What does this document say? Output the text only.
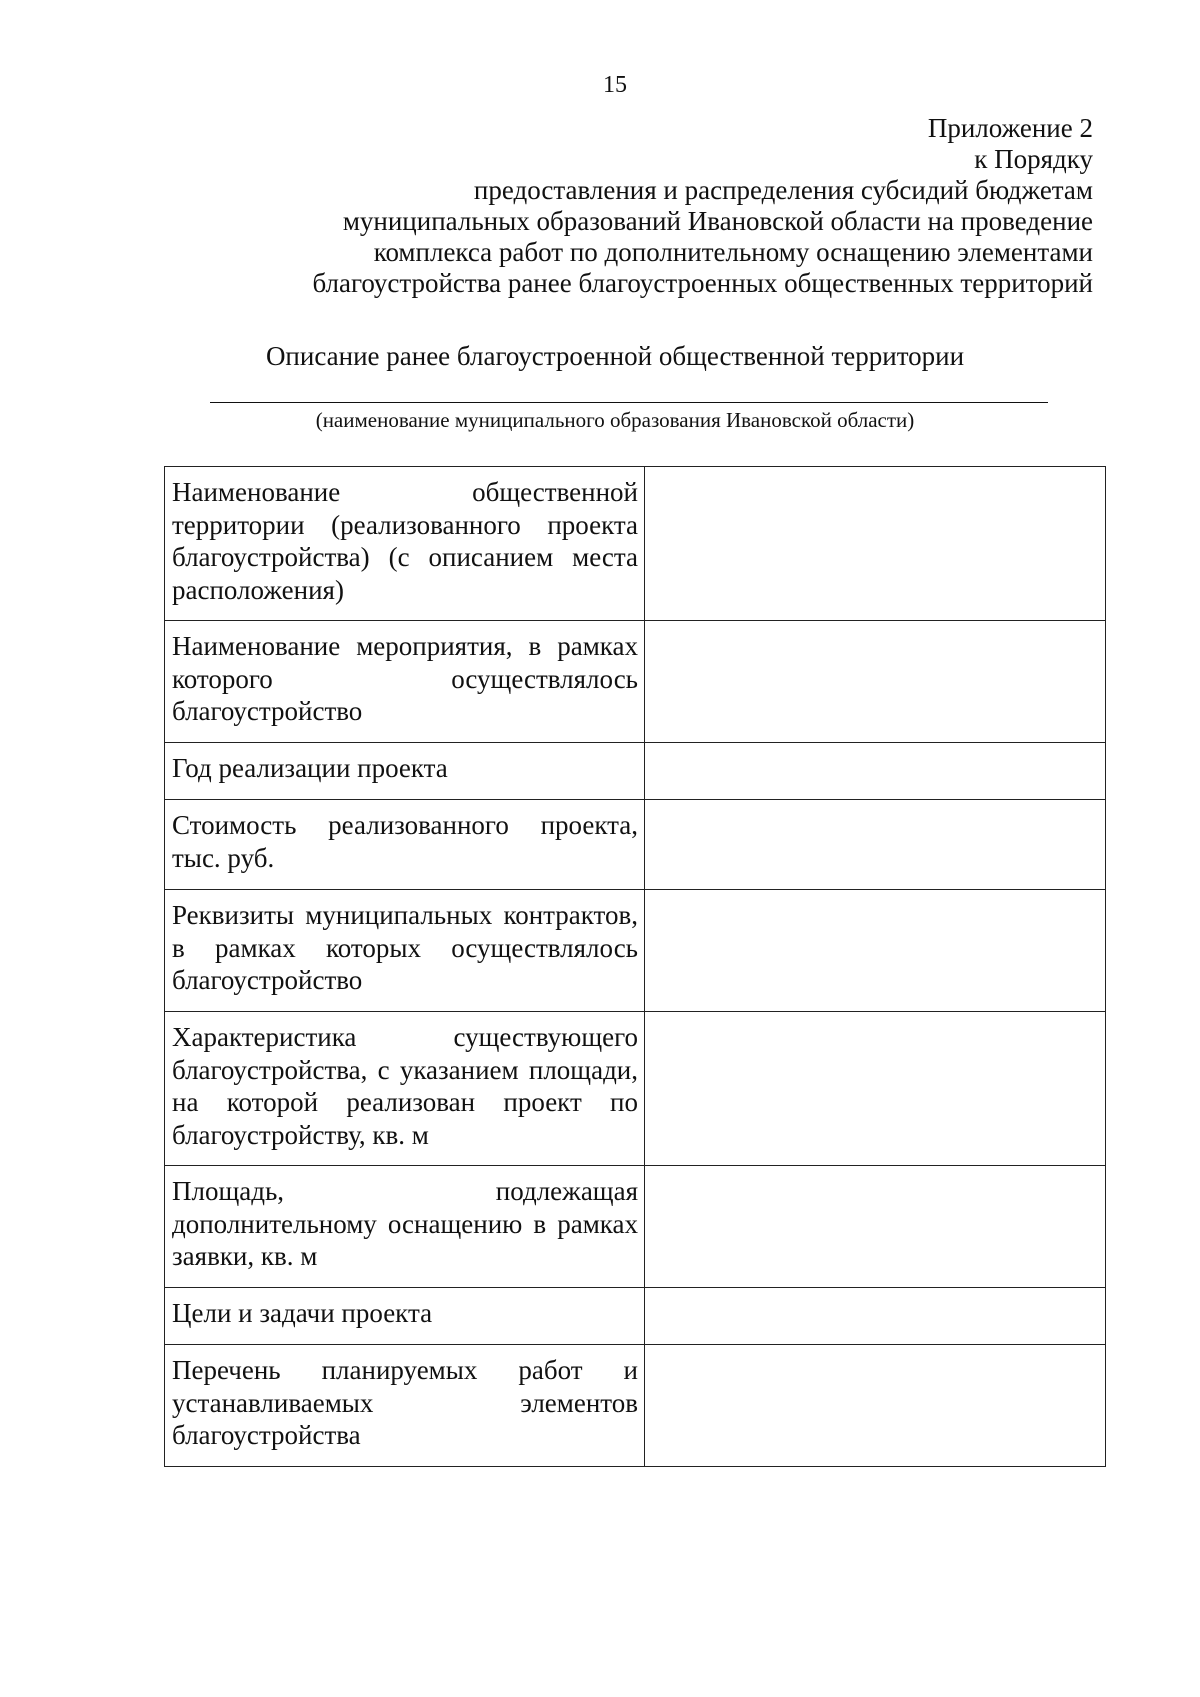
15
Приложение 2
к Порядку
предоставления и распределения субсидий бюджетам
муниципальных образований Ивановской области на проведение
комплекса работ по дополнительному оснащению элементами
благоустройства ранее благоустроенных общественных территорий
Описание ранее благоустроенной общественной территории
(наименование муниципального образования Ивановской области)
Наименование общественной территории (реализованного проекта благоустройства) (с описанием места расположения)	
Наименование мероприятия, в рамках которого осуществлялось благоустройство	
Год реализации проекта	
Стоимость реализованного проекта, тыс. руб.	
Реквизиты муниципальных контрактов, в рамках которых осуществлялось благоустройство	
Характеристика существующего благоустройства, с указанием площади, на которой реализован проект по благоустройству, кв. м	
Площадь, подлежащая дополнительному оснащению в рамках заявки, кв. м	
Цели и задачи проекта	
Перечень планируемых работ и устанавливаемых элементов благоустройства	
